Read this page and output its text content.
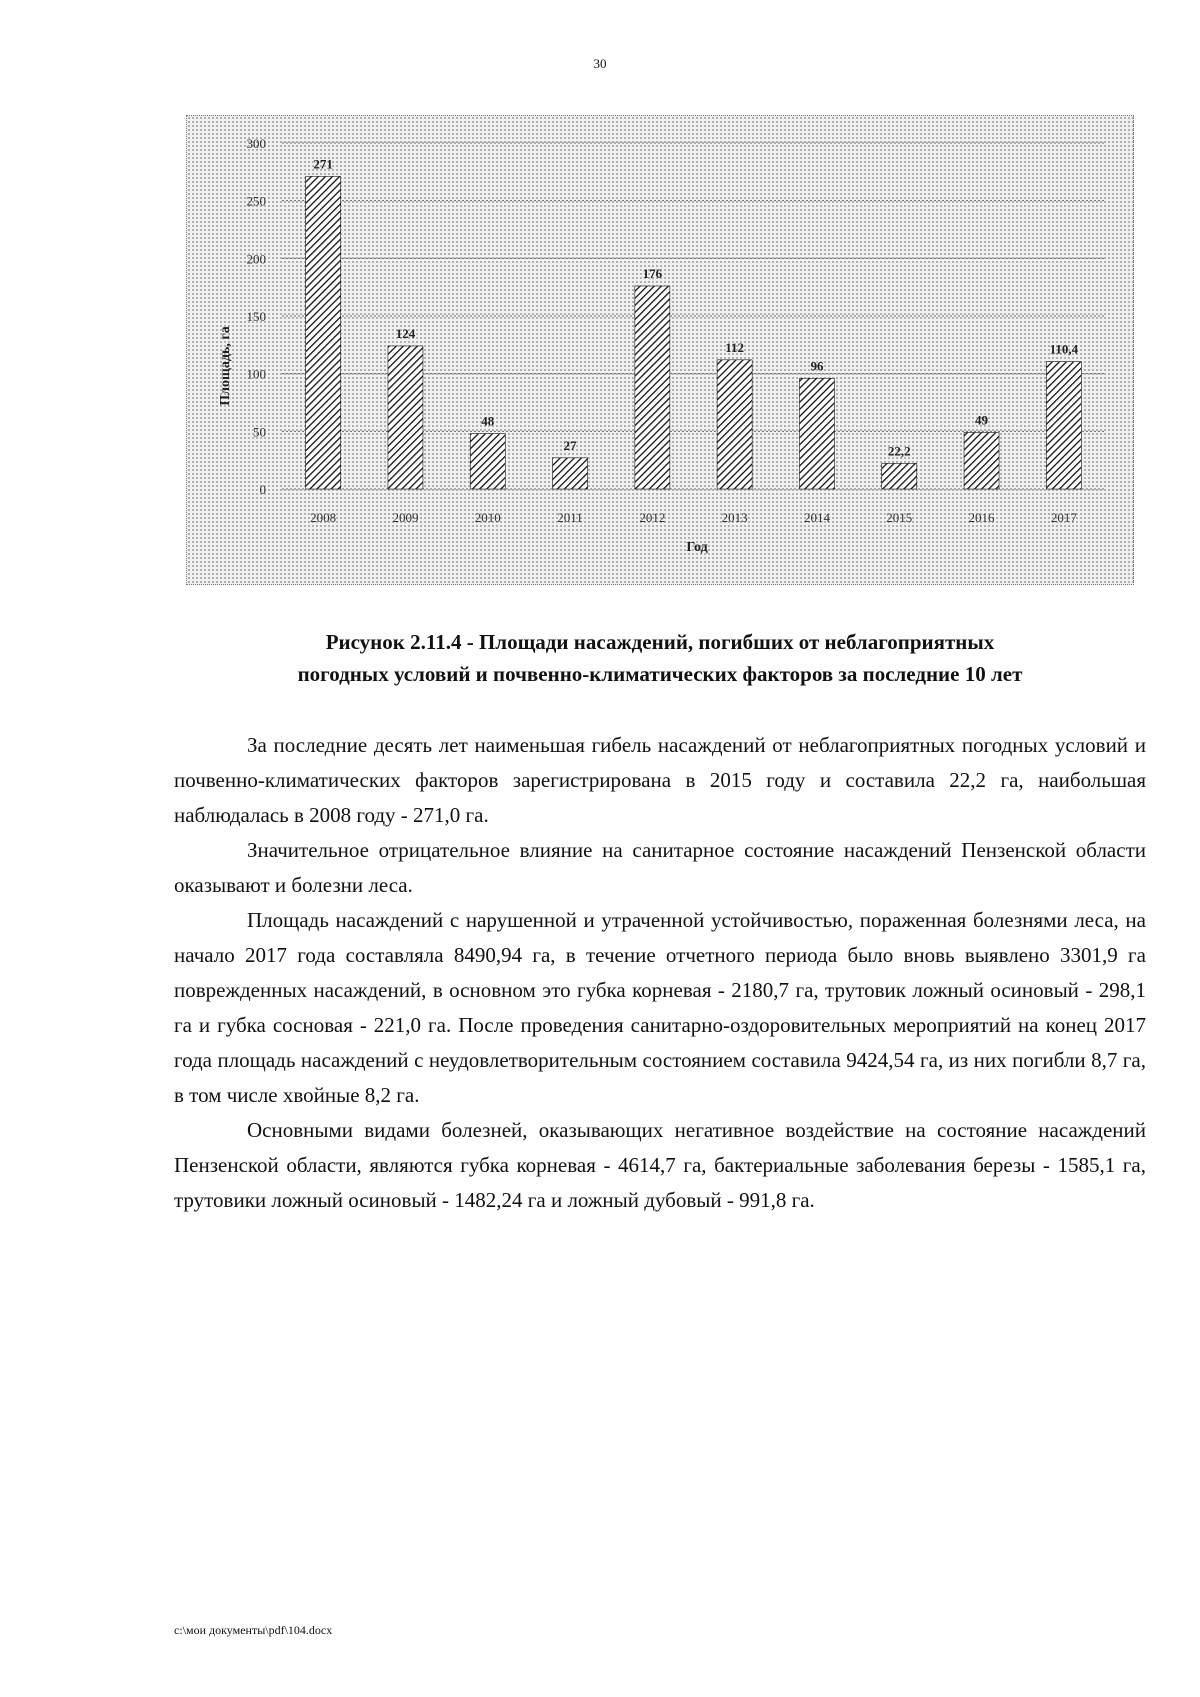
30
0
50
100
150
200
250
300
271
2008
124
2009
48
2010
27
2011
176
2012
112
2013
96
2014
22,2
2015
49
2016
110,4
2017
Площадь, га
Год
Рисунок 2.11.4 - Площади насаждений, погибших от неблагоприятных
погодных условий и почвенно-климатических факторов за последние 10 лет

За последние десять лет наименьшая гибель насаждений от неблагоприятных погодных условий и почвенно-климатических факторов зарегистрирована в 2015 году и составила 22,2 га, наибольшая наблюдалась в 2008 году - 271,0 га.

Значительное отрицательное влияние на санитарное состояние насаждений Пензенской области оказывают и болезни леса.

Площадь насаждений с нарушенной и утраченной устойчивостью, пораженная болезнями леса, на начало 2017 года составляла 8490,94 га, в течение отчетного периода было вновь выявлено 3301,9 га поврежденных насаждений, в основном это губка корневая - 2180,7 га, трутовик ложный осиновый - 298,1 га и губка сосновая - 221,0 га. После проведения санитарно-оздоровительных мероприятий на конец 2017 года площадь насаждений с неудовлетворительным состоянием составила 9424,54 га, из них погибли 8,7 га, в том числе хвойные 8,2 га.

Основными видами болезней, оказывающих негативное воздействие на состояние насаждений Пензенской области, являются губка корневая - 4614,7 га, бактериальные заболевания березы - 1585,1 га, трутовики ложный осиновый - 1482,24 га и ложный дубовый - 991,8 га.

c:\мои документы\pdf\104.docx
